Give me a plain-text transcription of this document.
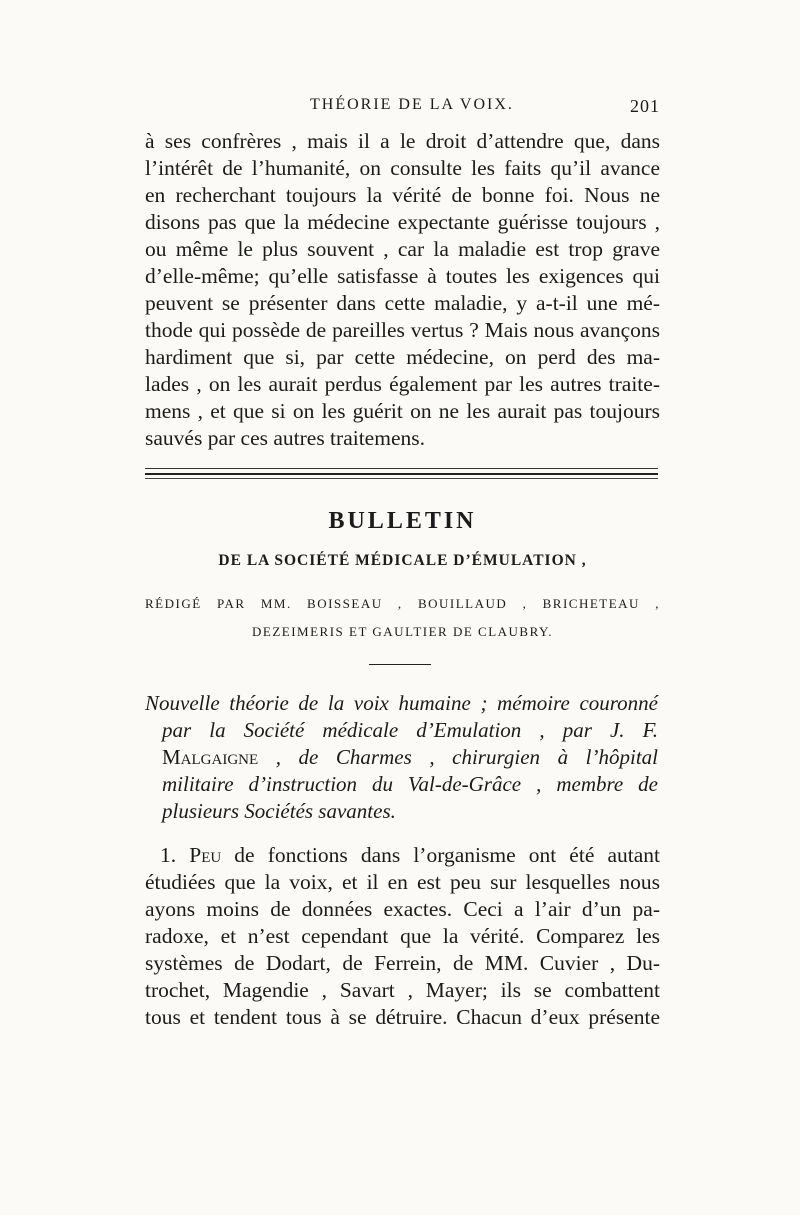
THÉORIE DE LA VOIX.	201
à ses confrères , mais il a le droit d’attendre que, dans
l’intérêt de l’humanité, on consulte les faits qu’il avance
en recherchant toujours la vérité de bonne foi. Nous ne
disons pas que la médecine expectante guérisse toujours ,
ou même le plus souvent , car la maladie est trop grave
d’elle-même; qu’elle satisfasse à toutes les exigences qui
peuvent se présenter dans cette maladie, y a-t-il une mé-
thode qui possède de pareilles vertus ? Mais nous avançons
hardiment que si, par cette médecine, on perd des ma-
lades , on les aurait perdus également par les autres traite-
mens , et que si on les guérit on ne les aurait pas toujours
sauvés par ces autres traitemens.
BULLETIN
DE LA SOCIÉTÉ MÉDICALE D’ÉMULATION ,
RÉDIGÉ PAR MM. BOISSEAU , BOUILLAUD , BRICHETEAU ,
DEZEIMERIS ET GAULTIER DE CLAUBRY.
Nouvelle théorie de la voix humaine ; mémoire couronné
par la Société médicale d’Emulation , par J. F.
Malgaigne , de Charmes , chirurgien à l’hôpital
militaire d’instruction du Val-de-Grâce , membre de
plusieurs Sociétés savantes.
1. Peu de fonctions dans l’organisme ont été autant
étudiées que la voix, et il en est peu sur lesquelles nous
ayons moins de données exactes. Ceci a l’air d’un pa-
radoxe, et n’est cependant que la vérité. Comparez les
systèmes de Dodart, de Ferrein, de MM. Cuvier , Du-
trochet, Magendie , Savart , Mayer; ils se combattent
tous et tendent tous à se détruire. Chacun d’eux présente
